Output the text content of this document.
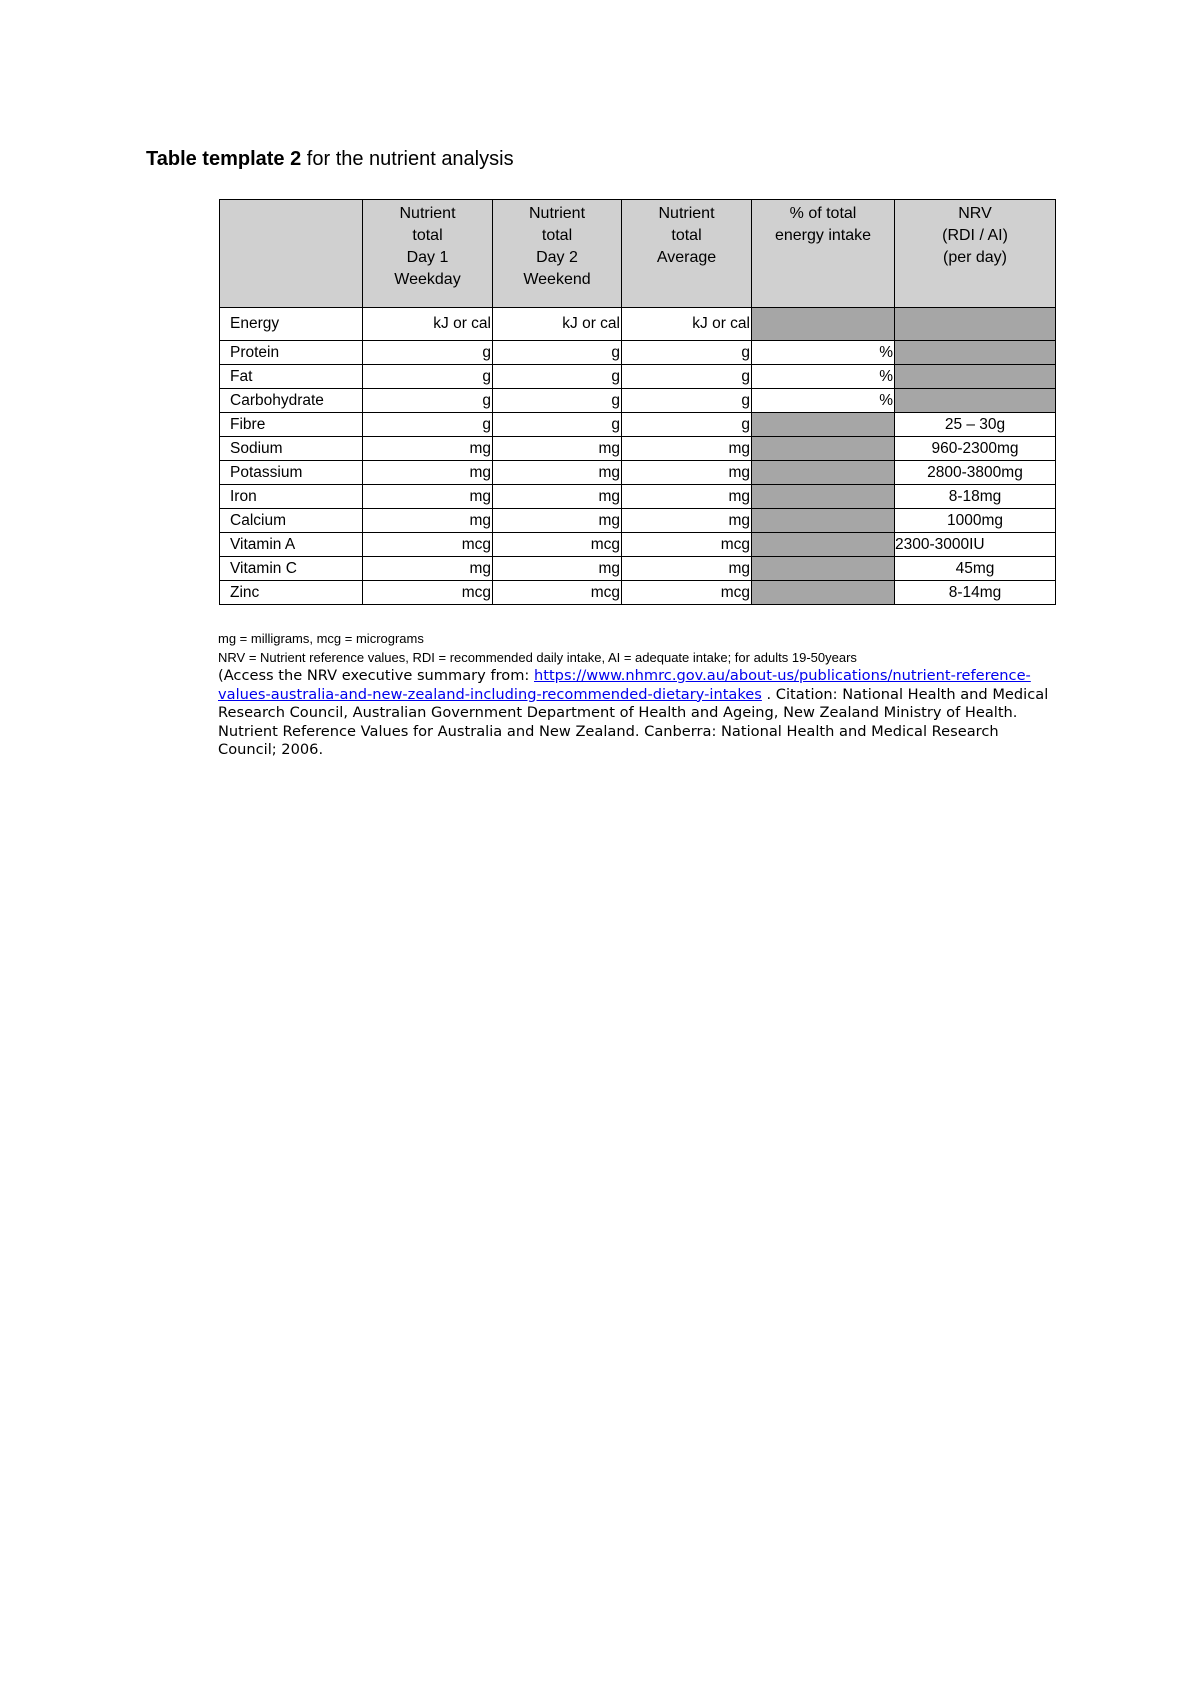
Table template 2 for the nutrient analysis
	Nutrient
total
Day 1
Weekday	Nutrient
total
Day 2
Weekend	Nutrient
total
Average	% of total
energy intake	NRV
(RDI / AI)
(per day)
Energy	kJ or cal	kJ or cal	kJ or cal		
Protein	g	g	g	%	
Fat	g	g	g	%	
Carbohydrate	g	g	g	%	
Fibre	g	g	g		25 – 30g
Sodium	mg	mg	mg		960-2300mg
Potassium	mg	mg	mg		2800-3800mg
Iron	mg	mg	mg		8-18mg
Calcium	mg	mg	mg		1000mg
Vitamin A	mcg	mcg	mcg		2300-3000IU
Vitamin C	mg	mg	mg		45mg
Zinc	mcg	mcg	mcg		8-14mg
mg = milligrams, mcg = micrograms
NRV = Nutrient reference values, RDI = recommended daily intake, AI = adequate intake; for adults 19-50years
(Access the NRV executive summary from: https://www.nhmrc.gov.au/about-us/publications/nutrient-reference-values-australia-and-new-zealand-including-recommended-dietary-intakes . Citation: National Health and Medical Research Council, Australian Government Department of Health and Ageing, New Zealand Ministry of Health. Nutrient Reference Values for Australia and New Zealand. Canberra: National Health and Medical Research Council; 2006.
